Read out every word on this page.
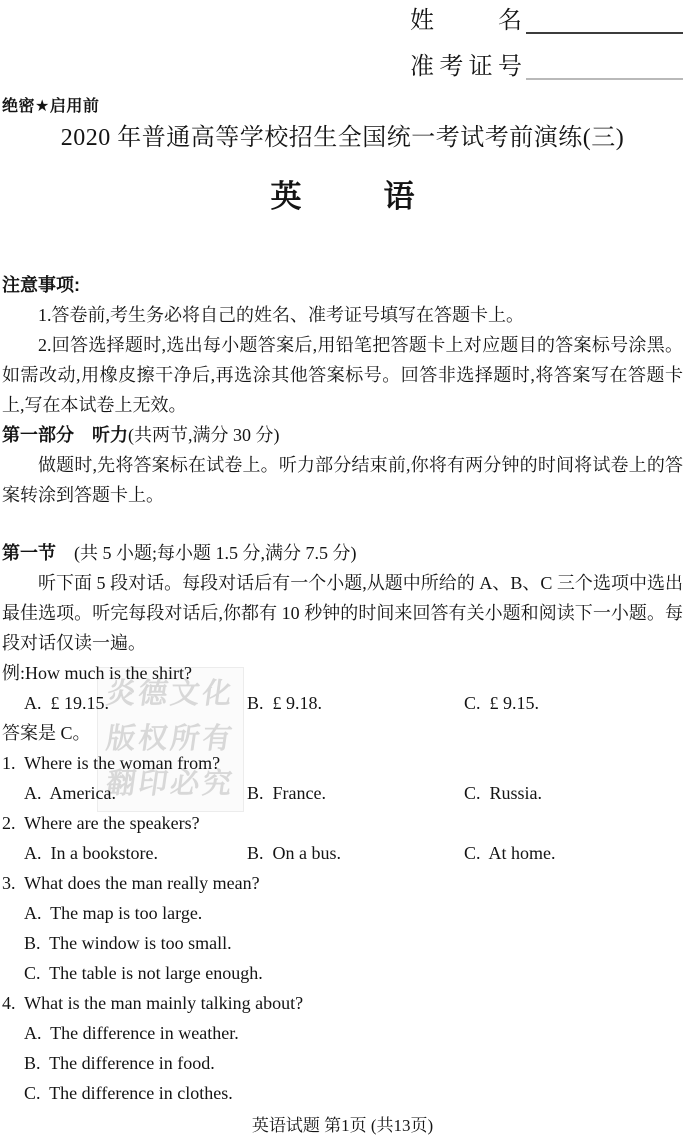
炎德文化
版权所有
翻印必究
姓 名
准考证号
绝密★启用前
2020 年普通高等学校招生全国统一考试考前演练(三)
英	语
注意事项:

1.答卷前,考生务必将自己的姓名、准考证号填写在答题卡上。

2.回答选择题时,选出每小题答案后,用铅笔把答题卡上对应题目的答案标号涂黑。如需改动,用橡皮擦干净后,再选涂其他答案标号。回答非选择题时,将答案写在答题卡上,写在本试卷上无效。

第一部分　听力(共两节,满分 30 分)

做题时,先将答案标在试卷上。听力部分结束前,你将有两分钟的时间将试卷上的答案转涂到答题卡上。

第一节　(共 5 小题;每小题 1.5 分,满分 7.5 分)

听下面 5 段对话。每段对话后有一个小题,从题中所给的 A、B、C 三个选项中选出最佳选项。听完每段对话后,你都有 10 秒钟的时间来回答有关小题和阅读下一小题。每段对话仅读一遍。

例:How much is the shirt?
A.  £ 19.15.	B.  £ 9.18.	C.  £ 9.15.
答案是 C。
1.  Where is the woman from?
A.  America.	B.  France.	C.  Russia.
2.  Where are the speakers?
A.  In a bookstore.	B.  On a bus.	C.  At home.
3.  What does the man really mean?
A.  The map is too large.
B.  The window is too small.
C.  The table is not large enough.
4.  What is the man mainly talking about?
A.  The difference in weather.
B.  The difference in food.
C.  The difference in clothes.
英语试题 第1页 (共13页)
